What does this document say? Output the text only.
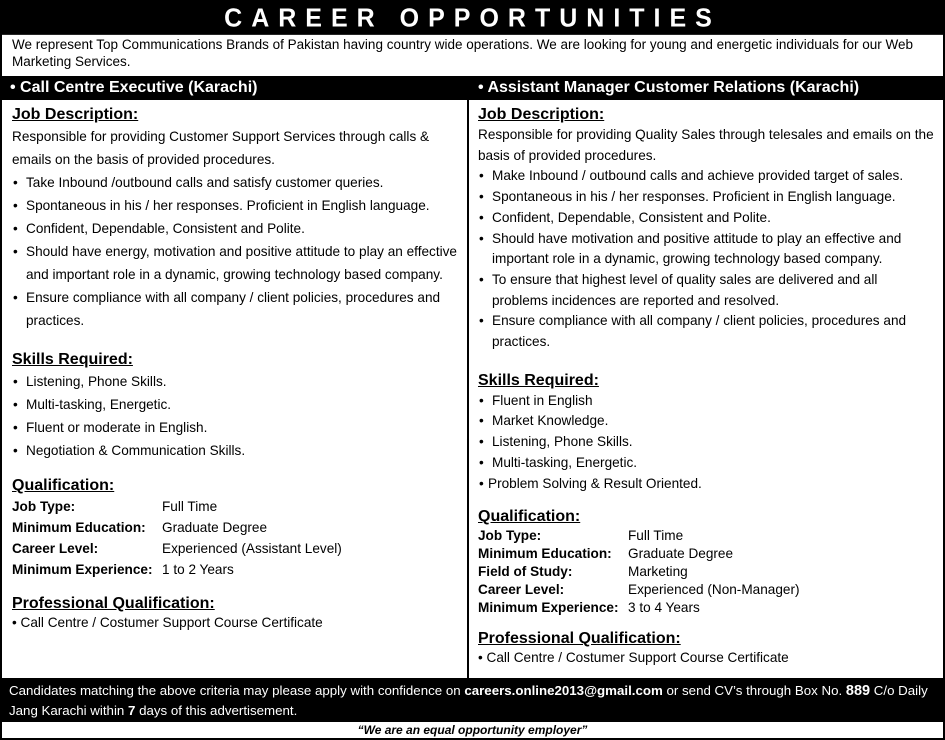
CAREER OPPORTUNITIES
We represent Top Communications Brands of Pakistan having country wide operations. We are looking for young and energetic individuals for our Web Marketing Services.
• Call Centre Executive (Karachi)	• Assistant Manager Customer Relations (Karachi)
Job Description:
Responsible for providing Customer Support Services through calls & emails on the basis of provided procedures.
• Take Inbound /outbound calls and satisfy customer queries.
• Spontaneous in his / her responses. Proficient in English language.
• Confident, Dependable, Consistent and Polite.
• Should have energy, motivation and positive attitude to play an effective and important role in a dynamic, growing technology based company.
• Ensure compliance with all company / client policies, procedures and practices.
Skills Required:
• Listening, Phone Skills.
• Multi-tasking, Energetic.
• Fluent or moderate in English.
• Negotiation & Communication Skills.
Qualification:
Job Type:	Full Time
Minimum Education:	Graduate Degree
Career Level:	Experienced (Assistant Level)
Minimum Experience: 1 to 2 Years
Professional Qualification:
• Call Centre / Costumer Support Course Certificate
Job Description:
Responsible for providing Quality Sales through telesales and emails on the basis of provided procedures.
• Make Inbound / outbound calls and achieve provided target of sales.
• Spontaneous in his / her responses. Proficient in English language.
• Confident, Dependable, Consistent and Polite.
• Should have motivation and positive attitude to play an effective and important role in a dynamic, growing technology based company.
• To ensure that highest level of quality sales are delivered and all problems incidences are reported and resolved.
• Ensure compliance with all company / client policies, procedures and practices.
Skills Required:
• Fluent in English
• Market Knowledge.
• Listening, Phone Skills.
• Multi-tasking, Energetic.
• Problem Solving & Result Oriented.
Qualification:
Job Type:	Full Time
Minimum Education:	Graduate Degree
Field of Study:	Marketing
Career Level:	Experienced (Non-Manager)
Minimum Experience: 3 to 4 Years
Professional Qualification:
• Call Centre / Costumer Support Course Certificate
Candidates matching the above criteria may please apply with confidence on careers.online2013@gmail.com or send CV’s through Box No. 889 C/o Daily Jang Karachi within 7 days of this advertisement.
“We are an equal opportunity employer”
